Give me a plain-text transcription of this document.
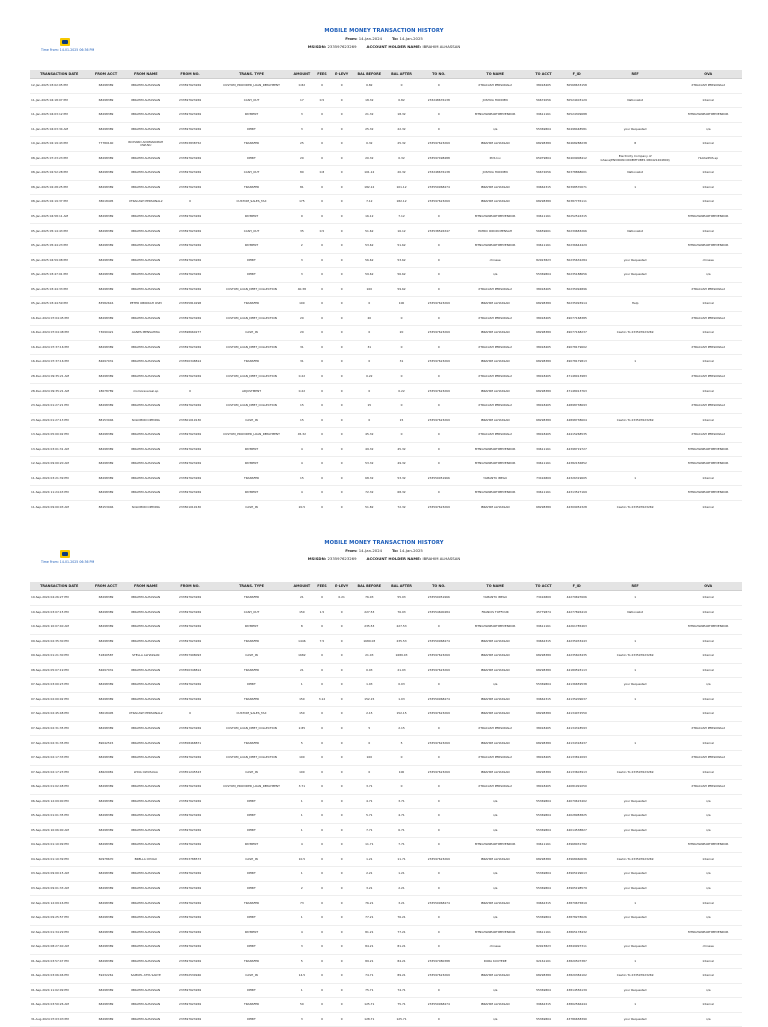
Time From: 14-01-2025 06:36 PM
MOBILE MONEY TRANSACTION HISTORY
From: 14-Jan-2024	To: 14-Jan-2025
MSISDN: 233597623269	ACCOUNT HOLDER NAME: IBRAHIM ALHASSAN
TRANSACTION DATE	FROM ACCT	FROM NAME	FROM NO.	TRANS. TYPE	AMOUNT	FEES	E-LEVY	BAL BEFORE	BAL AFTER	TO NO.	TO NAME	TO ACCT	F_ID	REF	OVA
12-Jan-2025 03:02:05 PM	68298389	IBRAHIM ALHASSAN	233597623269	CUSTOM_PROVIDER_LOAN_REPAYMENT	0.82	0	0	0.82	0	0	XTRACASH PERSONAL2	38018405	50568633158		XTRACASH PERSONAL2
11-Jan-2025 04:18:07 PM	68298389	IBRAHIM ALHASSAN	233597623269	CASH_OUT	17	0.5	0	18.32	0.82	233248676138	JOSHUA HODDEN	56672056	50524403129	Nationalist	Internal
11-Jan-2025 04:03:12 PM	68298389	IBRAHIM ALHASSAN	233597623269	PAYMENT	3	0	0	21.32	18.32	0	MTNGHLINEARTIMEVENDOR	39611161	50524309688		MTNGHLINEARTIMEVENDOR
11-Jan-2025 04:03:34 AM	68298389	IBRAHIM ALHASSAN	233597623269	DEBIT	3	0	0	25.32	22.32	0	n/a	55369804	50498448581	your Requested	n/a
10-Jan-2025 02:19:43 PM	77780140	RICHARD ADOMAKOPAH OWUSU	233553838752	TRANSFER	25	0	0	0.32	25.32	233597623269	IBRAHIM ALHASSAN	68298389	50468288238	8	Internal
08-Jan-2025 07:23:23 PM	68298389	IBRAHIM ALHASSAN	233597623269	DEBIT	20	0	0	20.32	0.32	233597498488	POS Inv	65979804	50409908412	Electricity Company of Ghana(ENVIRON:OD0EMTUBE1 080421204800)	HubtelPOS.sp
08-Jan-2025 02:52:28 PM	68298389	IBRAHIM ALHASSAN	233597623269	CASH_OUT	80	0.8	0	101.12	20.32	233248676138	JOSHUA HODDEN	56672056	50378868601	Nationalist	Internal
08-Jan-2025 02:28:25 PM	68298389	IBRAHIM ALHASSAN	233597623269	TRANSFER	81	0	0	182.12	101.12	233550968474	IBRAHIM ALHASSAN	39662315	50398570071	1	Internal
08-Jan-2025 02:19:37 PM	38018405	XTRACASH PERSONAL2	0	CUSTOM_SALES_TAX	175	0	0	7.12	182.12	233597623269	IBRAHIM ALHASSAN	68298389	50387735111		Internal
05-Jan-2025 04:58:11 AM	68298389	IBRAHIM ALHASSAN	233597623269	PAYMENT	9	0	0	16.12	7.12	0	MTNGHLINEARTIMEVENDOR	39611161	50252516315		MTNGHLINEARTIMEVENDOR
05-Jan-2025 05:14:43 PM	68298389	IBRAHIM ALHASSAN	233597623269	CASH_OUT	35	0.5	0	51.62	16.12	233538526347	PATRIC RIDON MENSAH	56659601	50239683266	Nationalist	Internal
05-Jan-2025 05:44:23 PM	68298389	IBRAHIM ALHASSAN	233597623269	PAYMENT	2	0	0	53.62	51.62	0	MTNGHLINEARTIMEVENDOR	39611161	50236644429		MTNGHLINEARTIMEVENDOR
05-Jan-2025 04:59:08 PM	68298389	IBRAHIM ALHASSAN	233597623269	DEBIT	3	0	0	56.62	53.62	0	chinese	82923823	50235632284	your Requested	chinese
05-Jan-2025 03:47:01 PM	68298389	IBRAHIM ALHASSAN	233597623269	DEBIT	3	0	0	59.62	56.62	0	n/a	55369804	50235188656	your Requested	n/a
05-Jan-2025 03:44:33 PM	68298389	IBRAHIM ALHASSAN	233597623269	CUSTOM_LOAN_DEBT_COLLECTION	40.38	0	0	100	59.62	0	XTRACASH PERSONAL2	38018405	50235094896		XTRACASH PERSONAL2
05-Jan-2025 03:44:59 PM	83582616	PETER OBIRIKAH OSEI	233555810298	TRANSFER	100	0	0	0	100	233597623269	IBRAHIM ALHASSAN	68298389	50235093914	Help	Internal
16-Dec-2024 07:04:45 PM	68298389	IBRAHIM ALHASSAN	233597623269	CUSTOM_LOAN_DEBT_COLLECTION	20	0	0	20	0	0	XTRACASH PERSONAL2	38018405	49077168385		XTRACASH PERSONAL2
16-Dec-2024 07:04:48 PM	73090421	AGNES MENSAHWA	233598660277	CASH_IN	20	0	0	0	20	233597623269	IBRAHIM ALHASSAN	68298389	49077168237	Cashin To 233597623269	Internal
16-Dec-2024 07:37:16 PM	68298389	IBRAHIM ALHASSAN	233597623269	CUSTOM_LOAN_DEBT_COLLECTION	31	0	0	31	0	0	XTRACASH PERSONAL2	38018405	49078179602		XTRACASH PERSONAL2
16-Dec-2024 07:37:16 PM	84697031	IBRAHIM ALHASSAN	233550348814	TRANSFER	31	0	0	0	31	233597623269	IBRAHIM ALHASSAN	68298389	49078179813	1	Internal
28-Dec-2024 09:35:21 AM	68298389	IBRAHIM ALHASSAN	233597623269	CUSTOM_LOAN_DEBT_COLLECTION	0.22	0	0	0.22	0	0	XTRACASH PERSONAL2	38018405	47148013983		XTRACASH PERSONAL2
28-Dec-2024 09:35:21 AM	18078789	momoreversal.sp	0	ADJUSTMENT	0.22	0	0	0	0.22	233597623269	IBRAHIM ALHASSAN	68298389	47148013763		Internal
23-Sep-2024 01:27:21 PM	68298389	IBRAHIM ALHASSAN	233597623269	CUSTOM_LOAN_DEBT_COLLECTION	15	0	0	15	0	0	XTRACASH PERSONAL2	38018405	44898738693		XTRACASH PERSONAL2
23-Sep-2024 01:27:13 PM	88153046	SOLOMON OPPONG	233501019130	CASH_IN	15	0	0	0	15	233597623269	IBRAHIM ALHASSAN	68298389	44898738604	Cashin To 233597623269	Internal
13-Sep-2024 05:00:02 PM	68298389	IBRAHIM ALHASSAN	233597623269	CUSTOM_PROVIDER_LOAN_REPAYMENT	45.32	0	0	45.32	0	0	XTRACASH PERSONAL2	38018405	44415268535		XTRACASH PERSONAL2
13-Sep-2024 03:01:31 AM	68298389	IBRAHIM ALHASSAN	233597623269	PAYMENT	4	0	0	49.32	45.32	0	MTNGHLINEARTIMEVENDOR	39611161	44398719727		MTNGHLINEARTIMEVENDOR
12-Sep-2024 09:00:20 AM	68298389	IBRAHIM ALHASSAN	233597623269	PAYMENT	4	0	0	53.32	49.32	0	MTNGHLINEARTIMEVENDOR	39611161	44382156852		MTNGHLINEARTIMEVENDOR
11-Sep-2024 03:21:39 PM	68298389	IBRAHIM ALHASSAN	233597623269	TRANSFER	15	0	0	68.32	53.32	233550051966	YAMANTU IBEGU	73416809	44326319605	1	Internal
11-Sep-2024 11:24:43 PM	68298389	IBRAHIM ALHASSAN	233597623269	PAYMENT	4	0	0	72.32	68.32	0	MTNGHLINEARTIMEVENDOR	39611161	44313527169		MTNGHLINEARTIMEVENDOR
11-Sep-2024 09:00:03 AM	88153046	SOLOMON OPPONG	233501019130	CASH_IN	20.5	0	0	51.82	72.32	233597623269	IBRAHIM ALHASSAN	68298389	44309052328	Cashin To 233597623269	Internal

Time From: 14-01-2025 06:36 PM
MOBILE MONEY TRANSACTION HISTORY
From: 14-Jan-2024	To: 14-Jan-2025
MSISDN: 233597623269	ACCOUNT HOLDER NAME: IBRAHIM ALHASSAN
TRANSACTION DATE	FROM ACCT	FROM NAME	FROM NO.	TRANS. TYPE	AMOUNT	FEES	E-LEVY	BAL BEFORE	BAL AFTER	TO NO.	TO NAME	TO ACCT	F_ID	REF	OVA
10-Sep-2024 04:26:27 PM	68298389	IBRAHIM ALHASSAN	233597623269	TRANSFER	21	0	0.21	76.03	55.03	233550051966	YAMANTU IBEGU	73416809	44279697606	1	Internal
10-Sep-2024 03:07:15 PM	68298389	IBRAHIM ALHASSAN	233597623269	CASH_OUT	150	1.5	0	227.53	76.03	233554600484	FRANCIS TOFFOUR	45779874	44277826419	Nationalist	Internal
10-Sep-2024 10:07:40 AM	68298389	IBRAHIM ALHASSAN	233597623269	PAYMENT	8	0	0	235.53	227.53	0	MTNGHLINEARTIMEVENDOR	39611161	44261785463		MTNGHLINEARTIMEVENDOR
09-Sep-2024 02:35:30 PM	68298389	IBRAHIM ALHASSAN	233597623269	TRANSFER	1446	7.5	0	1689.03	235.53	233550968474	IBRAHIM ALHASSAN	39662315	44235933443	1	Internal
09-Sep-2024 01:21:30 PM	51840587	STELLA ALHASSAN	233557998093	CASH_IN	1682	0	0	21.03	1689.03	233597623269	IBRAHIM ALHASSAN	68298389	44235603435	Cashin To 233597623269	Internal
08-Sep-2024 05:07:19 PM	84697031	IBRAHIM ALHASSAN	233550348814	TRANSFER	21	0	0	0.03	21.03	233597623269	IBRAHIM ALHASSAN	68298389	44189593113	1	Internal
07-Sep-2024 03:00:23 PM	68298389	IBRAHIM ALHASSAN	233597623269	DEBIT	1	0	0	1.03	0.03	0	n/a	55369804	44136659538	your Requested	n/a
07-Sep-2024 02:00:02 PM	68298389	IBRAHIM ALHASSAN	233597623269	TRANSFER	150	3.12	0	152.15	1.03	233550968474	IBRAHIM ALHASSAN	39662315	44135209637	1	Internal
07-Sep-2024 02:45:48 PM	38018405	XTRACASH PERSONAL2	0	CUSTOM_SALES_TAX	150	0	0	2.15	152.15	233597623269	IBRAHIM ALHASSAN	68298389	44134072550		Internal
07-Sep-2024 02:31:35 PM	68298389	IBRAHIM ALHASSAN	233597623269	CUSTOM_LOAN_DEBT_COLLECTION	2.85	0	0	5	2.15	0	XTRACASH PERSONAL2	38018405	44134318593		XTRACASH PERSONAL2
07-Sep-2024 02:31:35 PM	89042515	IBRAHIM ALHASSAN	233558468871	TRANSFER	5	0	0	0	5	233597623269	IBRAHIM ALHASSAN	68298389	44134318437	1	Internal
07-Sep-2024 02:17:33 PM	68298389	IBRAHIM ALHASSAN	233597623269	CUSTOM_LOAN_DEBT_COLLECTION	100	0	0	100	0	0	XTRACASH PERSONAL2	38018405	44133812093		XTRACASH PERSONAL2
07-Sep-2024 02:17:23 PM	48620981	LYDIA OWUSUAA	233551245523	CASH_IN	100	0	0	0	100	233597623269	IBRAHIM ALHASSAN	68298389	44133603913	Cashin To 233597623269	Internal
06-Sep-2024 01:02:48 PM	68298389	IBRAHIM ALHASSAN	233597623269	CUSTOM_PROVIDER_LOAN_REPAYMENT	3.71	0	0	3.71	0	0	XTRACASH PERSONAL2	38018405	44081991050		XTRACASH PERSONAL2
06-Sep-2024 12:09:00 PM	68298389	IBRAHIM ALHASSAN	233597623269	DEBIT	1	0	0	4.71	3.71	0	n/a	55369804	44079615402	your Requested	n/a
05-Sep-2024 01:01:35 PM	68298389	IBRAHIM ALHASSAN	233597623269	DEBIT	1	0	0	5.71	4.71	0	n/a	55369804	44028983825	your Requested	n/a
05-Sep-2024 10:06:00 AM	68298389	IBRAHIM ALHASSAN	233597623269	DEBIT	1	0	0	7.71	6.71	0	n/a	55369804	44014538827	your Requested	n/a
04-Sep-2024 01:10:09 PM	68298389	IBRAHIM ALHASSAN	233597623269	PAYMENT	4	0	0	11.71	7.71	0	MTNGHLINEARTIMEVENDOR	39611161	43968031782		MTNGHLINEARTIMEVENDOR
04-Sep-2024 01:10:39 PM	60978670	BRELLA OYOGU	233553788573	CASH_IN	10.5	0	0	1.21	11.71	233597623269	IBRAHIM ALHASSAN	68298389	43968460636	Cashin To 233597623269	Internal
03-Sep-2024 09:00:15 AM	68298389	IBRAHIM ALHASSAN	233597623269	DEBIT	1	0	0	2.21	1.21	0	n/a	55369804	43905199613	your Requested	n/a
03-Sep-2024 09:01:33 AM	68298389	IBRAHIM ALHASSAN	233597623269	DEBIT	2	0	0	3.21	2.21	0	n/a	55369804	43905198579	your Requested	n/a
02-Sep-2024 12:09:16 PM	68298389	IBRAHIM ALHASSAN	233597623269	TRANSFER	73	0	0	76.21	3.21	233550968474	IBRAHIM ALHASSAN	39662315	43879675819	1	Internal
02-Sep-2024 09:25:57 PM	68298389	IBRAHIM ALHASSAN	233597623269	DEBIT	1	0	0	77.21	76.21	0	n/a	55369804	43878278026	your Requested	n/a
02-Sep-2024 01:34:29 PM	68298389	IBRAHIM ALHASSAN	233597623269	PAYMENT	4	0	0	81.21	77.21	0	MTNGHLINEARTIMEVENDOR	39611161	43865178432		MTNGHLINEARTIMEVENDOR
02-Sep-2024 08:27:40 AM	68298389	IBRAHIM ALHASSAN	233597623269	DEBIT	3	0	0	84.21	81.21	0	chinese	82923823	43849997311	your Requested	chinese
01-Sep-2024 03:57:47 PM	68298389	IBRAHIM ALHASSAN	233597623269	TRANSFER	5	0	0	89.21	84.21	233597080388	DORA KUUTERE	92161101	43820507387	1	Internal
01-Sep-2024 03:06:46 PM	59232261	SAMUEL ATTA SAKYE	233552530946	CASH_IN	14.5	0	0	74.71	89.21	233597623269	IBRAHIM ALHASSAN	68298389	43820384102	Cashin To 233597623269	Internal
01-Sep-2024 11:02:09 PM	68298389	IBRAHIM ALHASSAN	233597623269	DEBIT	1	0	0	75.71	74.71	0	n/a	55369804	43814556139	your Requested	n/a
01-Sep-2024 03:50:26 AM	68298389	IBRAHIM ALHASSAN	233597623269	TRANSFER	50	0	0	125.71	75.71	233550968474	IBRAHIM ALHASSAN	39662315	43802566444	1	Internal
31-Aug-2024 07:03:03 PM	68298389	IBRAHIM ALHASSAN	233597623269	DEBIT	3	0	0	128.71	125.71	0	n/a	55369804	43786658390	your Requested	n/a
